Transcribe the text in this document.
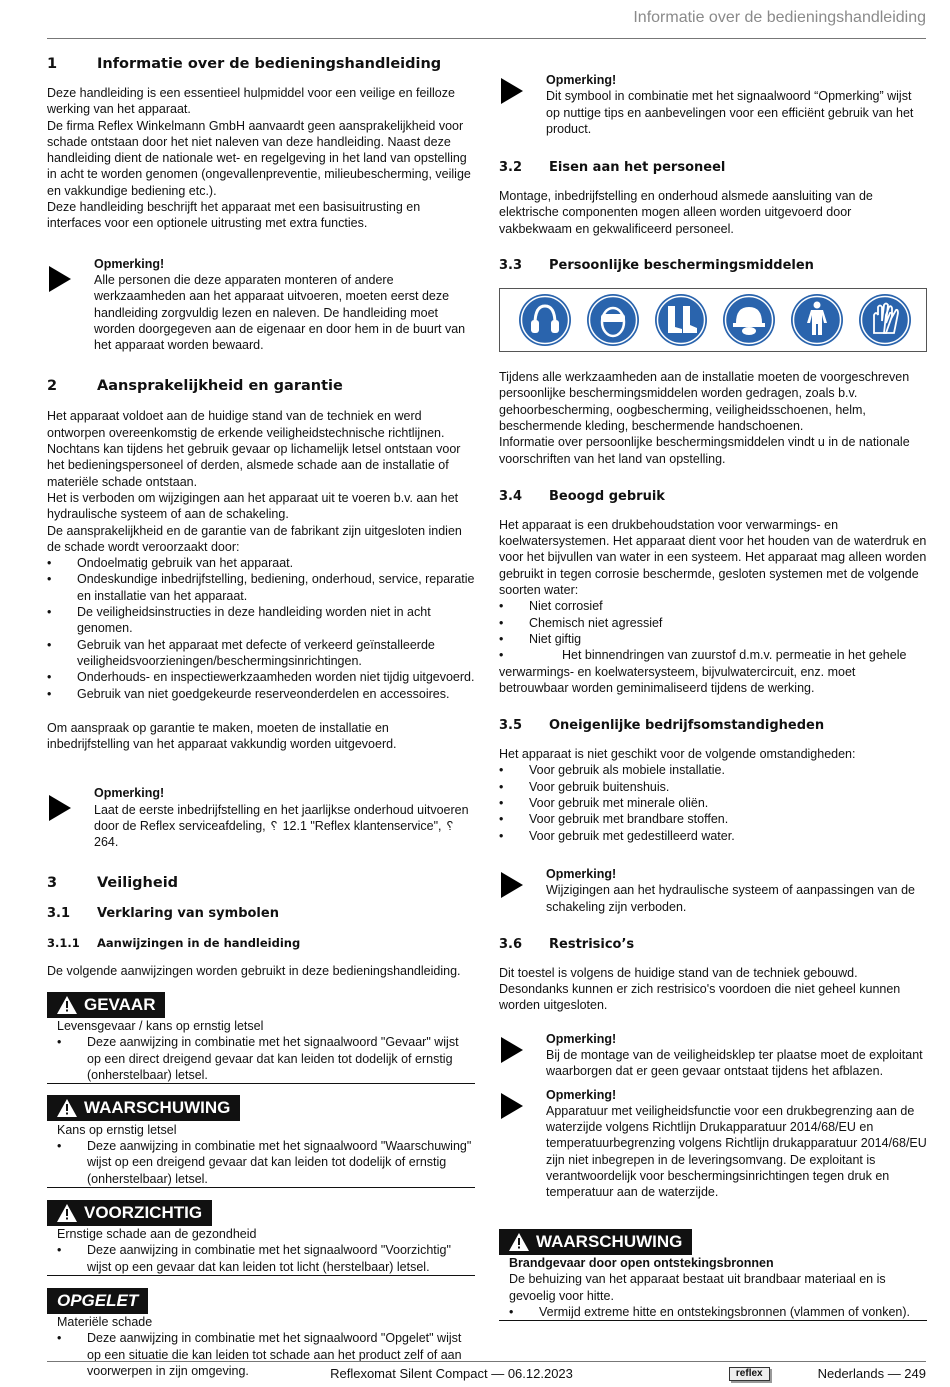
Informatie over de bedieningshandleiding
1	Informatie over de bedieningshandleiding

Deze handleiding is een essentieel hulpmiddel voor een veilige en feilloze werking van het apparaat.

De firma Reflex Winkelmann GmbH aanvaardt geen aansprakelijkheid voor schade ontstaan door het niet naleven van deze handleiding. Naast deze handleiding dient de nationale wet- en regelgeving in het land van opstelling in acht te worden genomen (ongevallenpreventie, milieubescherming, veilige en vakkundige bediening etc.).

Deze handleiding beschrijft het apparaat met een basisuitrusting en interfaces voor een optionele uitrusting met extra functies.

Opmerking!
Alle personen die deze apparaten monteren of andere werkzaamheden aan het apparaat uitvoeren, moeten eerst deze handleiding zorgvuldig lezen en naleven. De handleiding moet worden doorgegeven aan de eigenaar en door hem in de buurt van het apparaat worden bewaard.
2	Aansprakelijkheid en garantie

Het apparaat voldoet aan de huidige stand van de techniek en werd ontworpen overeenkomstig de erkende veiligheidstechnische richtlijnen. Nochtans kan tijdens het gebruik gevaar op lichamelijk letsel ontstaan voor het bedieningspersoneel of derden, alsmede schade aan de installatie of materiële schade ontstaan.

Het is verboden om wijzigingen aan het apparaat uit te voeren b.v. aan het hydraulische systeem of aan de schakeling.

De aansprakelijkheid en de garantie van de fabrikant zijn uitgesloten indien de schade wordt veroorzaakt door:

• Ondoelmatig gebruik van het apparaat.
• Ondeskundige inbedrijfstelling, bediening, onderhoud, service, reparatie en installatie van het apparaat.
• De veiligheidsinstructies in deze handleiding worden niet in acht genomen.
• Gebruik van het apparaat met defecte of verkeerd geïnstalleerde veiligheidsvoorzieningen/beschermingsinrichtingen.
• Onderhouds- en inspectiewerkzaamheden worden niet tijdig uitgevoerd.
• Gebruik van niet goedgekeurde reserveonderdelen en accessoires.

Om aanspraak op garantie te maken, moeten de installatie en inbedrijfstelling van het apparaat vakkundig worden uitgevoerd.

Opmerking!
Laat de eerste inbedrijfstelling en het jaarlijkse onderhoud uitvoeren door de Reflex serviceafdeling, ␦ 12.1 "Reflex klantenservice", ␦ 264.
3	Veiligheid
3.1	Verklaring van symbolen
3.1.1	Aanwijzingen in de handleiding

De volgende aanwijzingen worden gebruikt in deze bedieningshandleiding.

GEVAAR
Levensgevaar / kans op ernstig letsel
• Deze aanwijzing in combinatie met het signaalwoord "Gevaar" wijst op een direct dreigend gevaar dat kan leiden tot dodelijk of ernstig (onherstelbaar) letsel.
WAARSCHUWING
Kans op ernstig letsel
• Deze aanwijzing in combinatie met het signaalwoord "Waarschuwing" wijst op een dreigend gevaar dat kan leiden tot dodelijk of ernstig (onherstelbaar) letsel.
VOORZICHTIG
Ernstige schade aan de gezondheid
• Deze aanwijzing in combinatie met het signaalwoord "Voorzichtig" wijst op een gevaar dat kan leiden tot licht (herstelbaar) letsel.
OPGELET
Materiële schade
• Deze aanwijzing in combinatie met het signaalwoord "Opgelet" wijst op een situatie die kan leiden tot schade aan het product zelf of aan voorwerpen in zijn omgeving.
Opmerking!
Dit symbool in combinatie met het signaalwoord “Opmerking” wijst op nuttige tips en aanbevelingen voor een efficiënt gebruik van het product.
3.2	Eisen aan het personeel

Montage, inbedrijfstelling en onderhoud alsmede aansluiting van de elektrische componenten mogen alleen worden uitgevoerd door vakbekwaam en gekwalificeerd personeel.

3.3	Persoonlijke beschermingsmiddelen

Tijdens alle werkzaamheden aan de installatie moeten de voorgeschreven persoonlijke beschermingsmiddelen worden gedragen, zoals b.v. gehoorbescherming, oogbescherming, veiligheidsschoenen, helm, beschermende kleding, beschermende handschoenen.

Informatie over persoonlijke beschermingsmiddelen vindt u in de nationale voorschriften van het land van opstelling.

3.4	Beoogd gebruik

Het apparaat is een drukbehoudstation voor verwarmings- en koelwatersystemen. Het apparaat dient voor het houden van de waterdruk en voor het bijvullen van water in een systeem. Het apparaat mag alleen worden gebruikt in tegen corrosie beschermde, gesloten systemen met de volgende soorten water:

• Niet corrosief
• Chemisch niet agressief
• Niet giftig

•	Het binnendringen van zuurstof d.m.v. permeatie in het gehele verwarmings- en koelwatersysteem, bijvulwatercircuit, enz. moet betrouwbaar worden geminimaliseerd tijdens de werking.

3.5	Oneigenlijke bedrijfsomstandigheden

Het apparaat is niet geschikt voor de volgende omstandigheden:

• Voor gebruik als mobiele installatie.
• Voor gebruik buitenshuis.
• Voor gebruik met minerale oliën.
• Voor gebruik met brandbare stoffen.
• Voor gebruik met gedestilleerd water.
Opmerking!
Wijzigingen aan het hydraulische systeem of aanpassingen van de schakeling zijn verboden.
3.6	Restrisico’s

Dit toestel is volgens de huidige stand van de techniek gebouwd. Desondanks kunnen er zich restrisico's voordoen die niet geheel kunnen worden uitgesloten.

Opmerking!
Bij de montage van de veiligheidsklep ter plaatse moet de exploitant waarborgen dat er geen gevaar ontstaat tijdens het afblazen.
Opmerking!
Apparatuur met veiligheidsfunctie voor een drukbegrenzing aan de waterzijde volgens Richtlijn Drukapparatuur 2014/68/EU en temperatuurbegrenzing volgens Richtlijn drukapparatuur 2014/68/EU zijn niet inbegrepen in de leveringsomvang. De exploitant is verantwoordelijk voor beschermingsinrichtingen tegen druk en temperatuur aan de waterzijde.
WAARSCHUWING
Brandgevaar door open ontstekingsbronnen
De behuizing van het apparaat bestaat uit brandbaar materiaal en is gevoelig voor hitte.
• Vermijd extreme hitte en ontstekingsbronnen (vlammen of vonken).
Reflexomat Silent Compact — 06.12.2023	reflex	Nederlands — 249
